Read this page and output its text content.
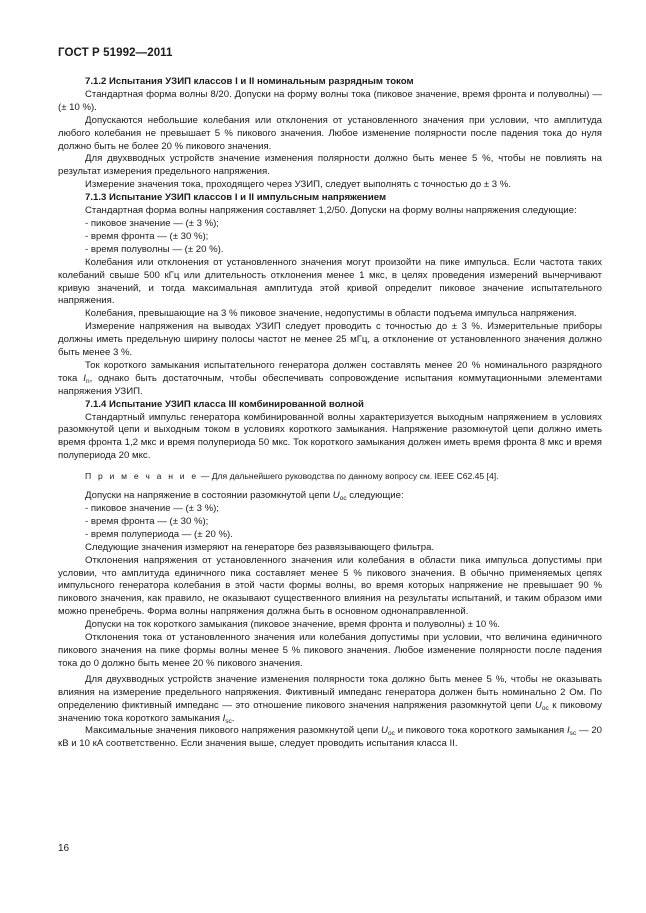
ГОСТ Р 51992—2011

7.1.2 Испытания УЗИП классов I и II номинальным разрядным током

Стандартная форма волны 8/20. Допуски на форму волны тока (пиковое значение, время фронта и полуволны) — (± 10 %).

Допускаются небольшие колебания или отклонения от установленного значения при условии, что амплитуда любого колебания не превышает 5 % пикового значения. Любое изменение полярности после падения тока до нуля должно быть не более 20 % пикового значения.

Для двухвводных устройств значение изменения полярности должно быть менее 5 %, чтобы не повлиять на результат измерения предельного напряжения.

Измерение значения тока, проходящего через УЗИП, следует выполнять с точностью до ± 3 %.

7.1.3 Испытание УЗИП классов I и II импульсным напряжением

Стандартная форма волны напряжения составляет 1,2/50. Допуски на форму волны напряжения следующие:

- пиковое значение — (± 3 %);

- время фронта — (± 30 %);

- время полуволны — (± 20 %).

Колебания или отклонения от установленного значения могут произойти на пике импульса. Если частота таких колебаний свыше 500 кГц или длительность отклонения менее 1 мкс, в целях проведения измерений вычерчивают кривую значений, и тогда максимальная амплитуда этой кривой определит пиковое значение испытательного напряжения.

Колебания, превышающие на 3 % пиковое значение, недопустимы в области подъема импульса напряжения.

Измерение напряжения на выводах УЗИП следует проводить с точностью до ± 3 %. Измерительные приборы должны иметь предельную ширину полосы частот не менее 25 мГц, а отклонение от установленного значения должно быть менее 3 %.

Ток короткого замыкания испытательного генератора должен составлять менее 20 % номинального разрядного тока $I_n$, однако быть достаточным, чтобы обеспечивать сопровождение испытания коммутационными элементами напряжения УЗИП.

7.1.4 Испытание УЗИП класса III комбинированной волной

Стандартный импульс генератора комбинированной волны характеризуется выходным напряжением в условиях разомкнутой цепи и выходным током в условиях короткого замыкания. Напряжение разомкнутой цепи должно иметь время фронта 1,2 мкс и время полупериода 50 мкс. Ток короткого замыкания должен иметь время фронта 8 мкс и время полупериода 20 мкс.

П р и м е ч а н и е — Для дальнейшего руководства по данному вопросу см. IEEE C62.45 [4].

Допуски на напряжение в состоянии разомкнутой цепи $U_{oc}$ следующие:

- пиковое значение — (± 3 %);

- время фронта — (± 30 %);

- время полупериода — (± 20 %).

Следующие значения измеряют на генераторе без развязывающего фильтра.

Отклонения напряжения от установленного значения или колебания в области пика импульса допустимы при условии, что амплитуда единичного пика составляет менее 5 % пикового значения. В обычно применяемых цепях импульсного генератора колебания в этой части формы волны, во время которых напряжение не превышает 90 % пикового значения, как правило, не оказывают существенного влияния на результаты испытаний, и таким образом ими можно пренебречь. Форма волны напряжения должна быть в основном однонаправленной.

Допуски на ток короткого замыкания (пиковое значение, время фронта и полуволны) ± 10 %.

Отклонения тока от установленного значения или колебания допустимы при условии, что величина единичного пикового значения на пике формы волны менее 5 % пикового значения. Любое изменение полярности после падения тока до 0 должно быть менее 20 % пикового значения.

Для двухвводных устройств значение изменения полярности тока должно быть менее 5 %, чтобы не оказывать влияния на измерение предельного напряжения. Фиктивный импеданс генератора должен быть номинально 2 Ом. По определению фиктивный импеданс — это отношение пикового значения напряжения разомкнутой цепи $U_{oc}$ к пиковому значению тока короткого замыкания $I_{sc}$.

Максимальные значения пикового напряжения разомкнутой цепи $U_{oc}$ и пикового тока короткого замыкания $I_{sc}$ — 20 кВ и 10 кА соответственно. Если значения выше, следует проводить испытания класса II.

16
